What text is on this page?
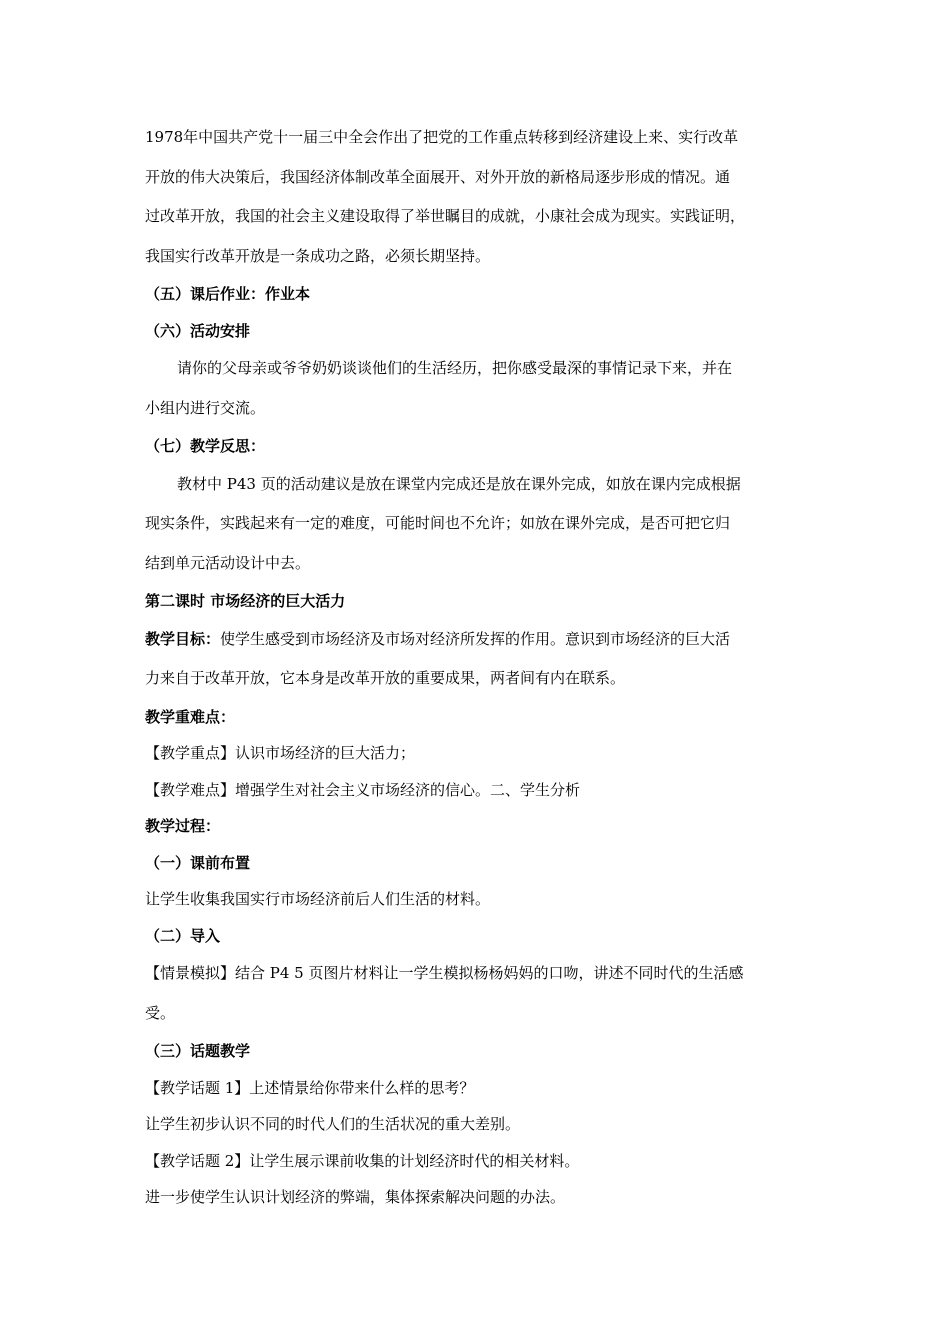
1978年中国共产党十一届三中全会作出了把党的工作重点转移到经济建设上来、实行改革
开放的伟大决策后，我国经济体制改革全面展开、对外开放的新格局逐步形成的情况。通
过改革开放，我国的社会主义建设取得了举世瞩目的成就，小康社会成为现实。实践证明，
我国实行改革开放是一条成功之路，必须长期坚持。
（五）课后作业：作业本
（六）活动安排
请你的父母亲或爷爷奶奶谈谈他们的生活经历，把你感受最深的事情记录下来，并在
小组内进行交流。
（七）教学反思：
教材中 P43 页的活动建议是放在课堂内完成还是放在课外完成，如放在课内完成根据
现实条件，实践起来有一定的难度，可能时间也不允许；如放在课外完成，是否可把它归
结到单元活动设计中去。
第二课时 市场经济的巨大活力
教学目标：使学生感受到市场经济及市场对经济所发挥的作用。意识到市场经济的巨大活
力来自于改革开放，它本身是改革开放的重要成果，两者间有内在联系。
教学重难点：
【教学重点】认识市场经济的巨大活力；
【教学难点】增强学生对社会主义市场经济的信心。二、学生分析
教学过程：
（一）课前布置
让学生收集我国实行市场经济前后人们生活的材料。
（二）导入
【情景模拟】结合 P4 5 页图片材料让一学生模拟杨杨妈妈的口吻，讲述不同时代的生活感
受。
（三）话题教学
【教学话题 1】上述情景给你带来什么样的思考？
让学生初步认识不同的时代人们的生活状况的重大差别。
【教学话题 2】让学生展示课前收集的计划经济时代的相关材料。
进一步使学生认识计划经济的弊端，集体探索解决问题的办法。
